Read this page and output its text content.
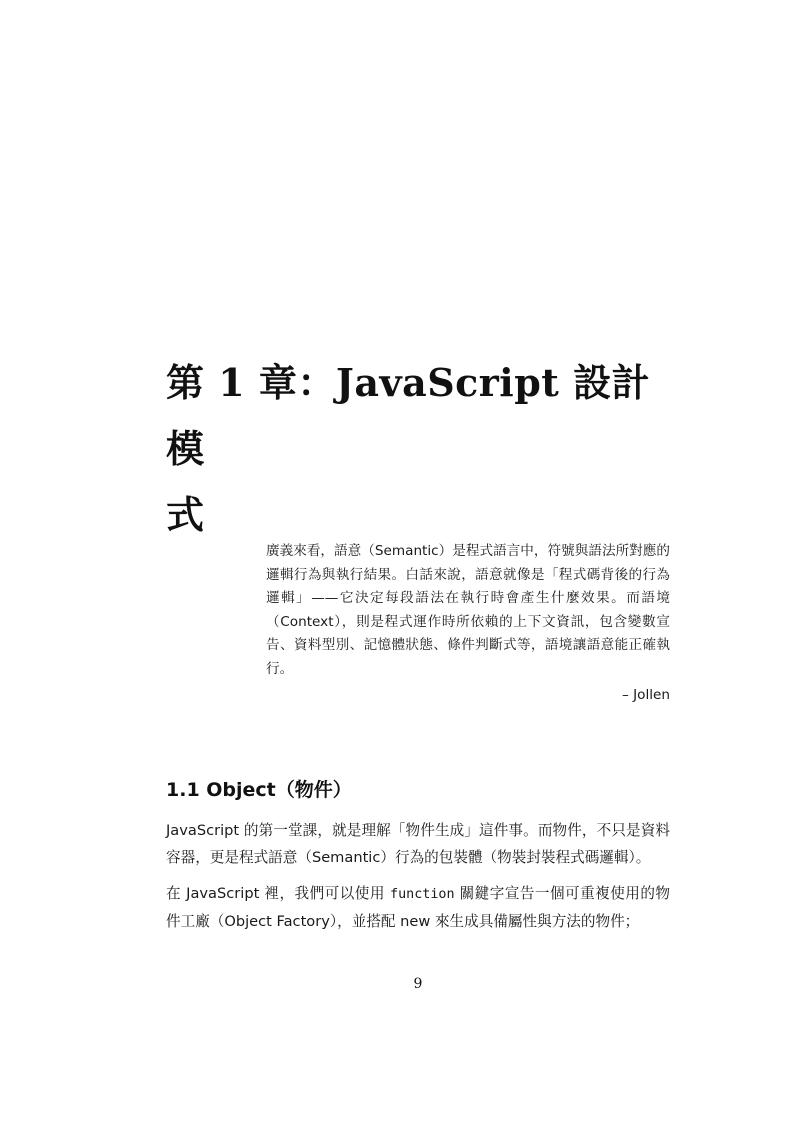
第 1 章：JavaScript 設計模
式

廣義來看，語意（Semantic）是程式語言中，符號與語法所對應的邏輯行為與執行結果。白話來說，語意就像是「程式碼背後的行為邏輯」——它決定每段語法在執行時會產生什麼效果。而語境（Context），則是程式運作時所依賴的上下文資訊，包含變數宣告、資料型別、記憶體狀態、條件判斷式等，語境讓語意能正確執行。

– Jollen

1.1 Object（物件）

JavaScript 的第一堂課，就是理解「物件生成」這件事。而物件，不只是資料容器，更是程式語意（Semantic）行為的包裝體（物裝封裝程式碼邏輯）。

在 JavaScript 裡，我們可以使用 function 關鍵字宣告一個可重複使用的物件工廠（Object Factory），並搭配 new 來生成具備屬性與方法的物件；

9
